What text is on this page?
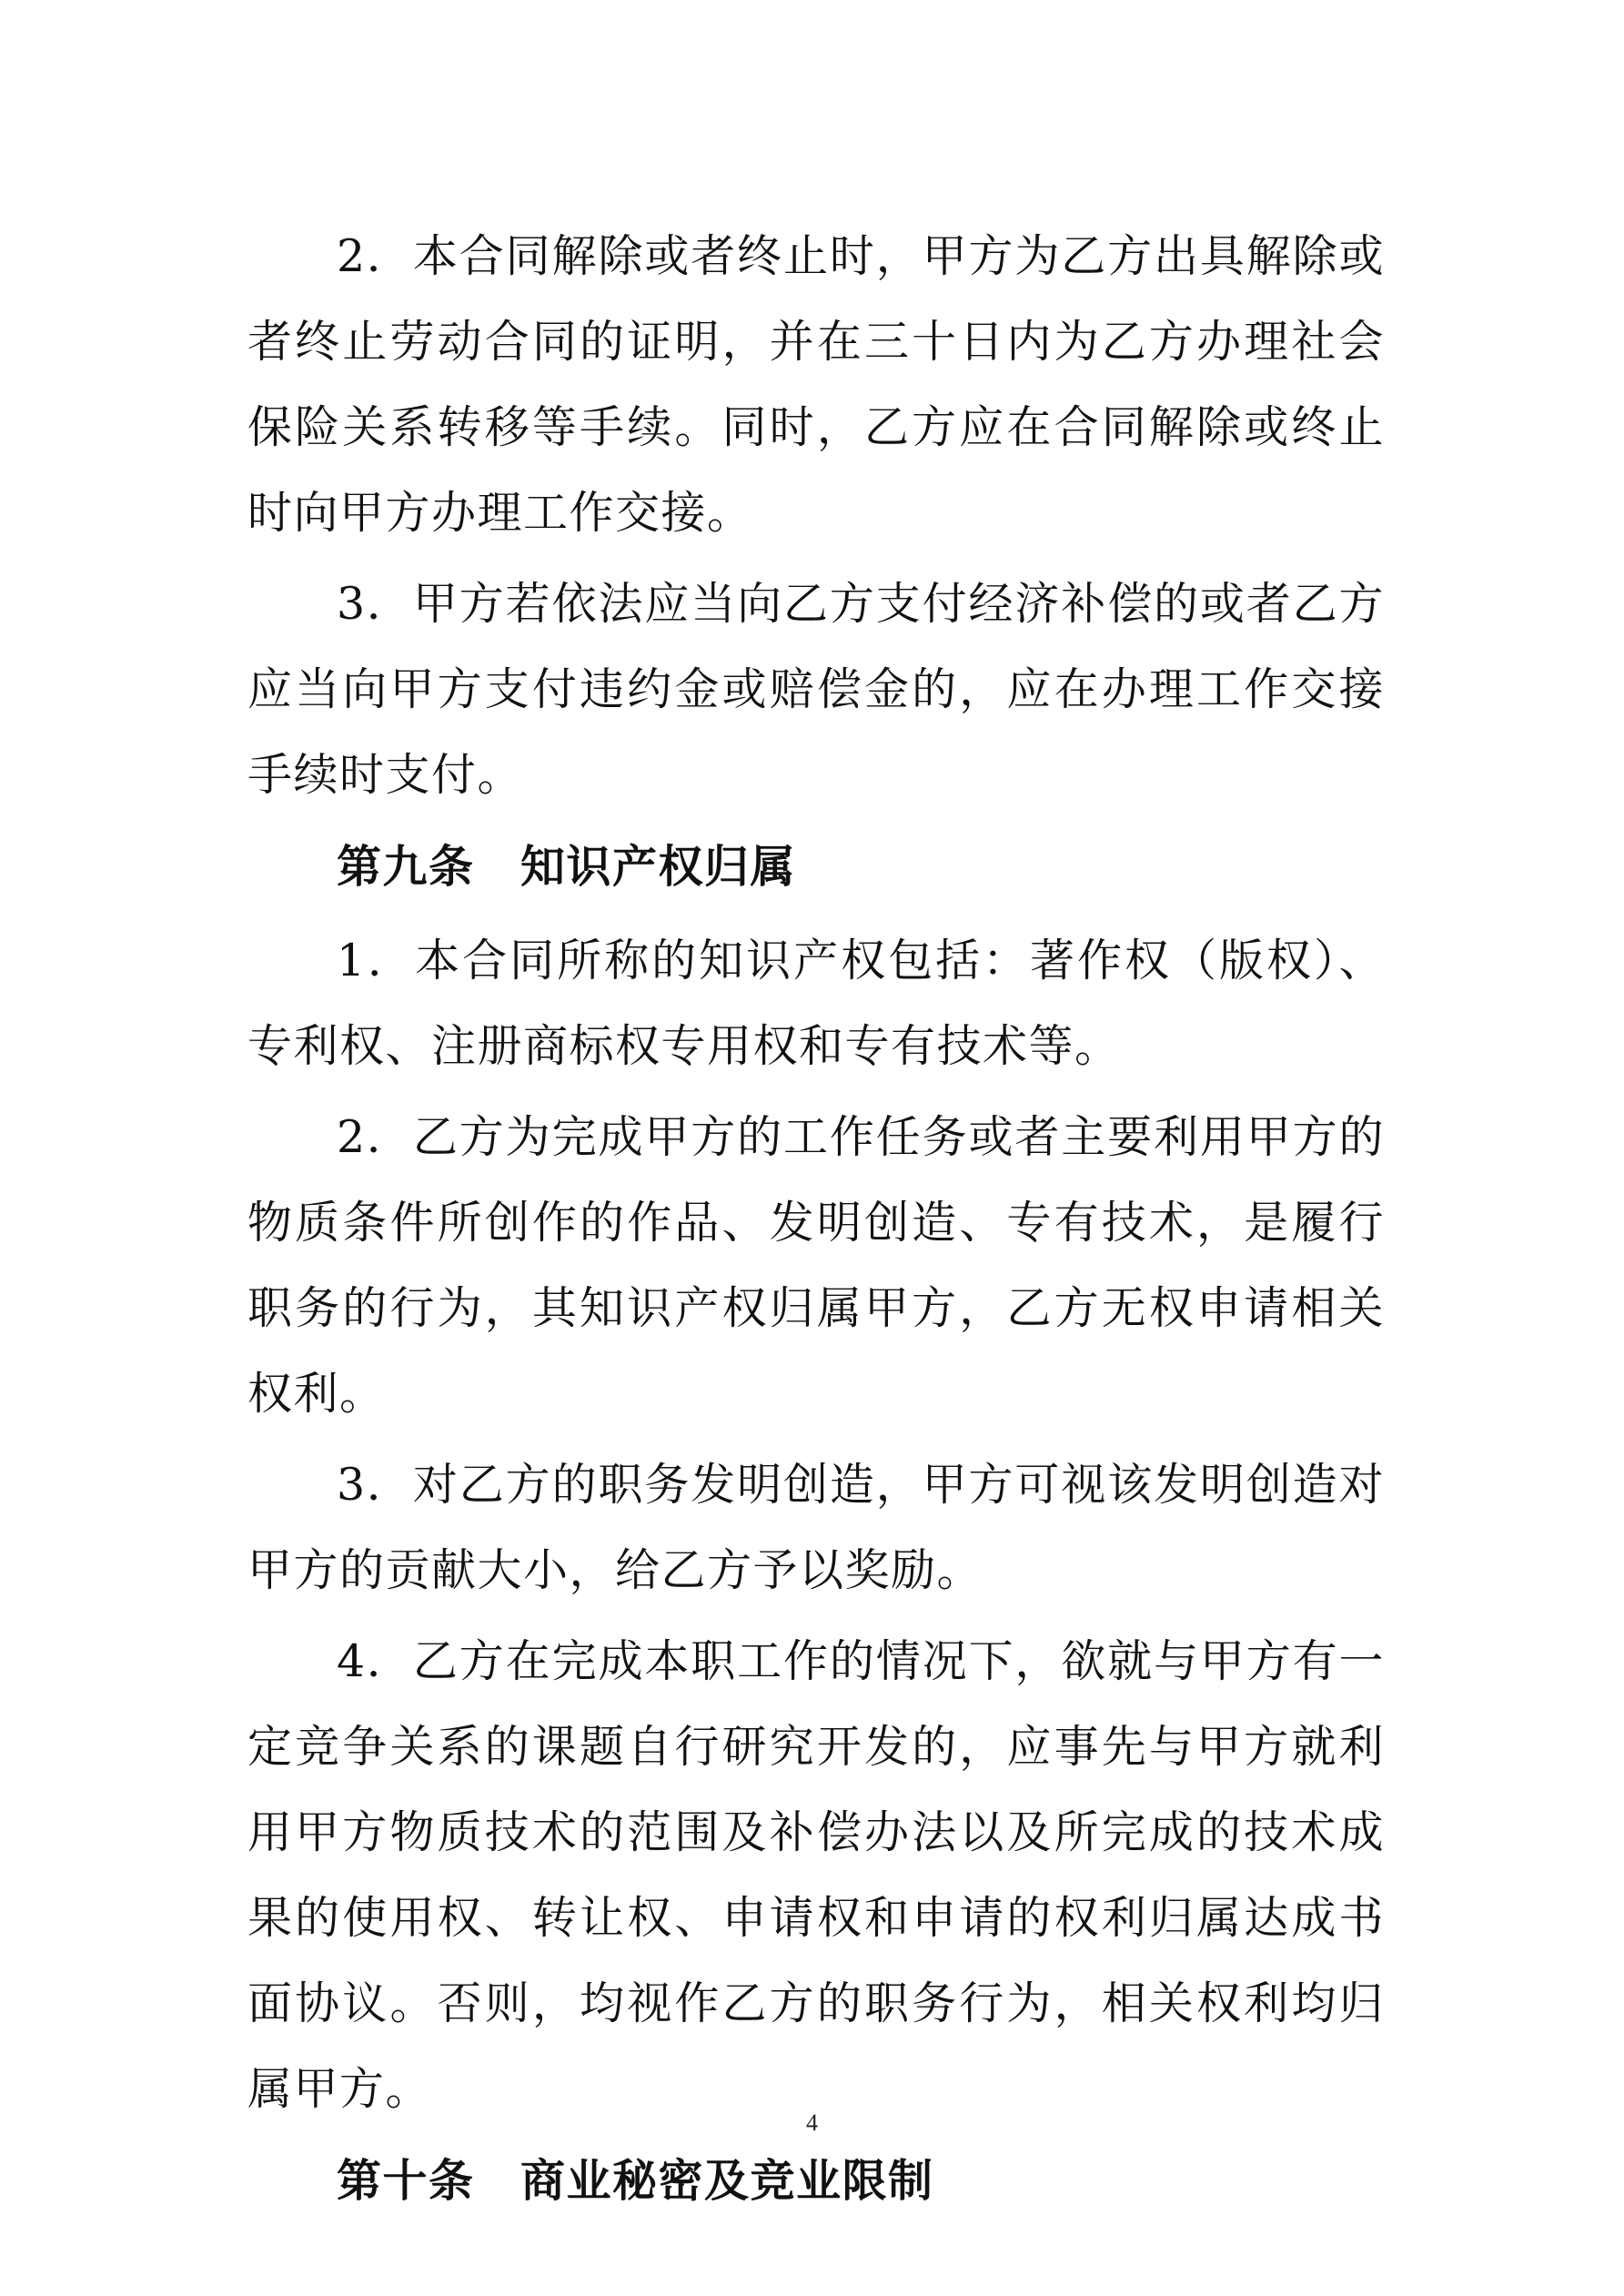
2．本合同解除或者终止时，甲方为乙方出具解除或者终止劳动合同的证明，并在三十日内为乙方办理社会保险关系转移等手续。同时，乙方应在合同解除或终止时向甲方办理工作交接。

3．甲方若依法应当向乙方支付经济补偿的或者乙方应当向甲方支付违约金或赔偿金的，应在办理工作交接手续时支付。

第九条　知识产权归属

1．本合同所称的知识产权包括：著作权（版权）、专利权、注册商标权专用权和专有技术等。

2．乙方为完成甲方的工作任务或者主要利用甲方的物质条件所创作的作品、发明创造、专有技术，是履行职务的行为，其知识产权归属甲方，乙方无权申请相关权利。

3．对乙方的职务发明创造，甲方可视该发明创造对甲方的贡献大小，给乙方予以奖励。

4．乙方在完成本职工作的情况下，欲就与甲方有一定竞争关系的课题自行研究开发的，应事先与甲方就利用甲方物质技术的范围及补偿办法以及所完成的技术成果的使用权、转让权、申请权和申请的权利归属达成书面协议。否则，均视作乙方的职务行为，相关权利均归属甲方。

第十条　商业秘密及竞业限制
4
